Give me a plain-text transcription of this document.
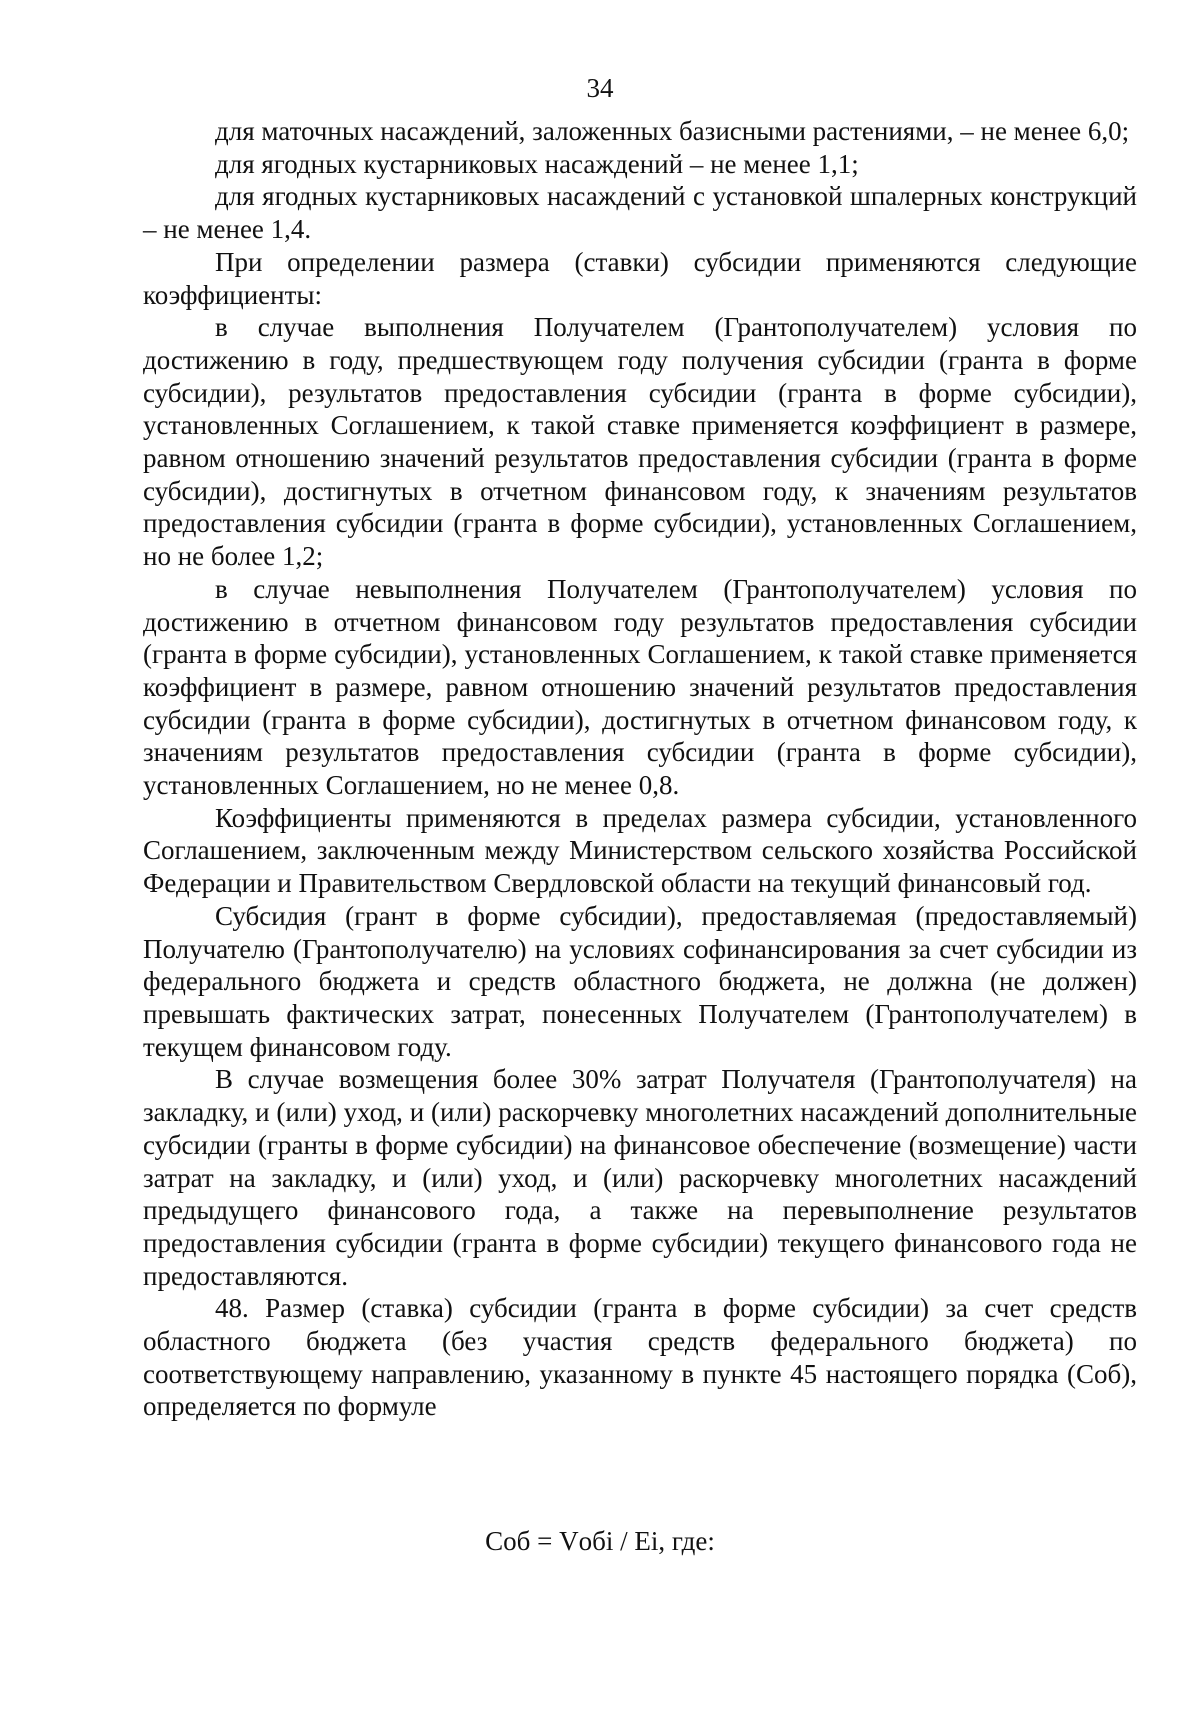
34

для маточных насаждений, заложенных базисными растениями, – не менее 6,0;

для ягодных кустарниковых насаждений – не менее 1,1;

для ягодных кустарниковых насаждений с установкой шпалерных конструкций – не менее 1,4.

При определении размера (ставки) субсидии применяются следующие коэффициенты:

в случае выполнения Получателем (Грантополучателем) условия по достижению в году, предшествующем году получения субсидии (гранта в форме субсидии), результатов предоставления субсидии (гранта в форме субсидии), установленных Соглашением, к такой ставке применяется коэффициент в размере, равном отношению значений результатов предоставления субсидии (гранта в форме субсидии), достигнутых в отчетном финансовом году, к значениям результатов предоставления субсидии (гранта в форме субсидии), установленных Соглашением, но не более 1,2;

в случае невыполнения Получателем (Грантополучателем) условия по достижению в отчетном финансовом году результатов предоставления субсидии (гранта в форме субсидии), установленных Соглашением, к такой ставке применяется коэффициент в размере, равном отношению значений результатов предоставления субсидии (гранта в форме субсидии), достигнутых в отчетном финансовом году, к значениям результатов предоставления субсидии (гранта в форме субсидии), установленных Соглашением, но не менее 0,8.

Коэффициенты применяются в пределах размера субсидии, установленного Соглашением, заключенным между Министерством сельского хозяйства Российской Федерации и Правительством Свердловской области на текущий финансовый год.

Субсидия (грант в форме субсидии), предоставляемая (предоставляемый) Получателю (Грантополучателю) на условиях софинансирования за счет субсидии из федерального бюджета и средств областного бюджета, не должна (не должен) превышать фактических затрат, понесенных Получателем (Грантополучателем) в текущем финансовом году.

В случае возмещения более 30% затрат Получателя (Грантополучателя) на закладку, и (или) уход, и (или) раскорчевку многолетних насаждений дополнительные субсидии (гранты в форме субсидии) на финансовое обеспечение (возмещение) части затрат на закладку, и (или) уход, и (или) раскорчевку многолетних насаждений предыдущего финансового года, а также на перевыполнение результатов предоставления субсидии (гранта в форме субсидии) текущего финансового года не предоставляются.

48. Размер (ставка) субсидии (гранта в форме субсидии) за счет средств областного бюджета (без участия средств федерального бюджета) по соответствующему направлению, указанному в пункте 45 настоящего порядка (Соб), определяется по формуле

Соб = Vобi / Ei, где:
